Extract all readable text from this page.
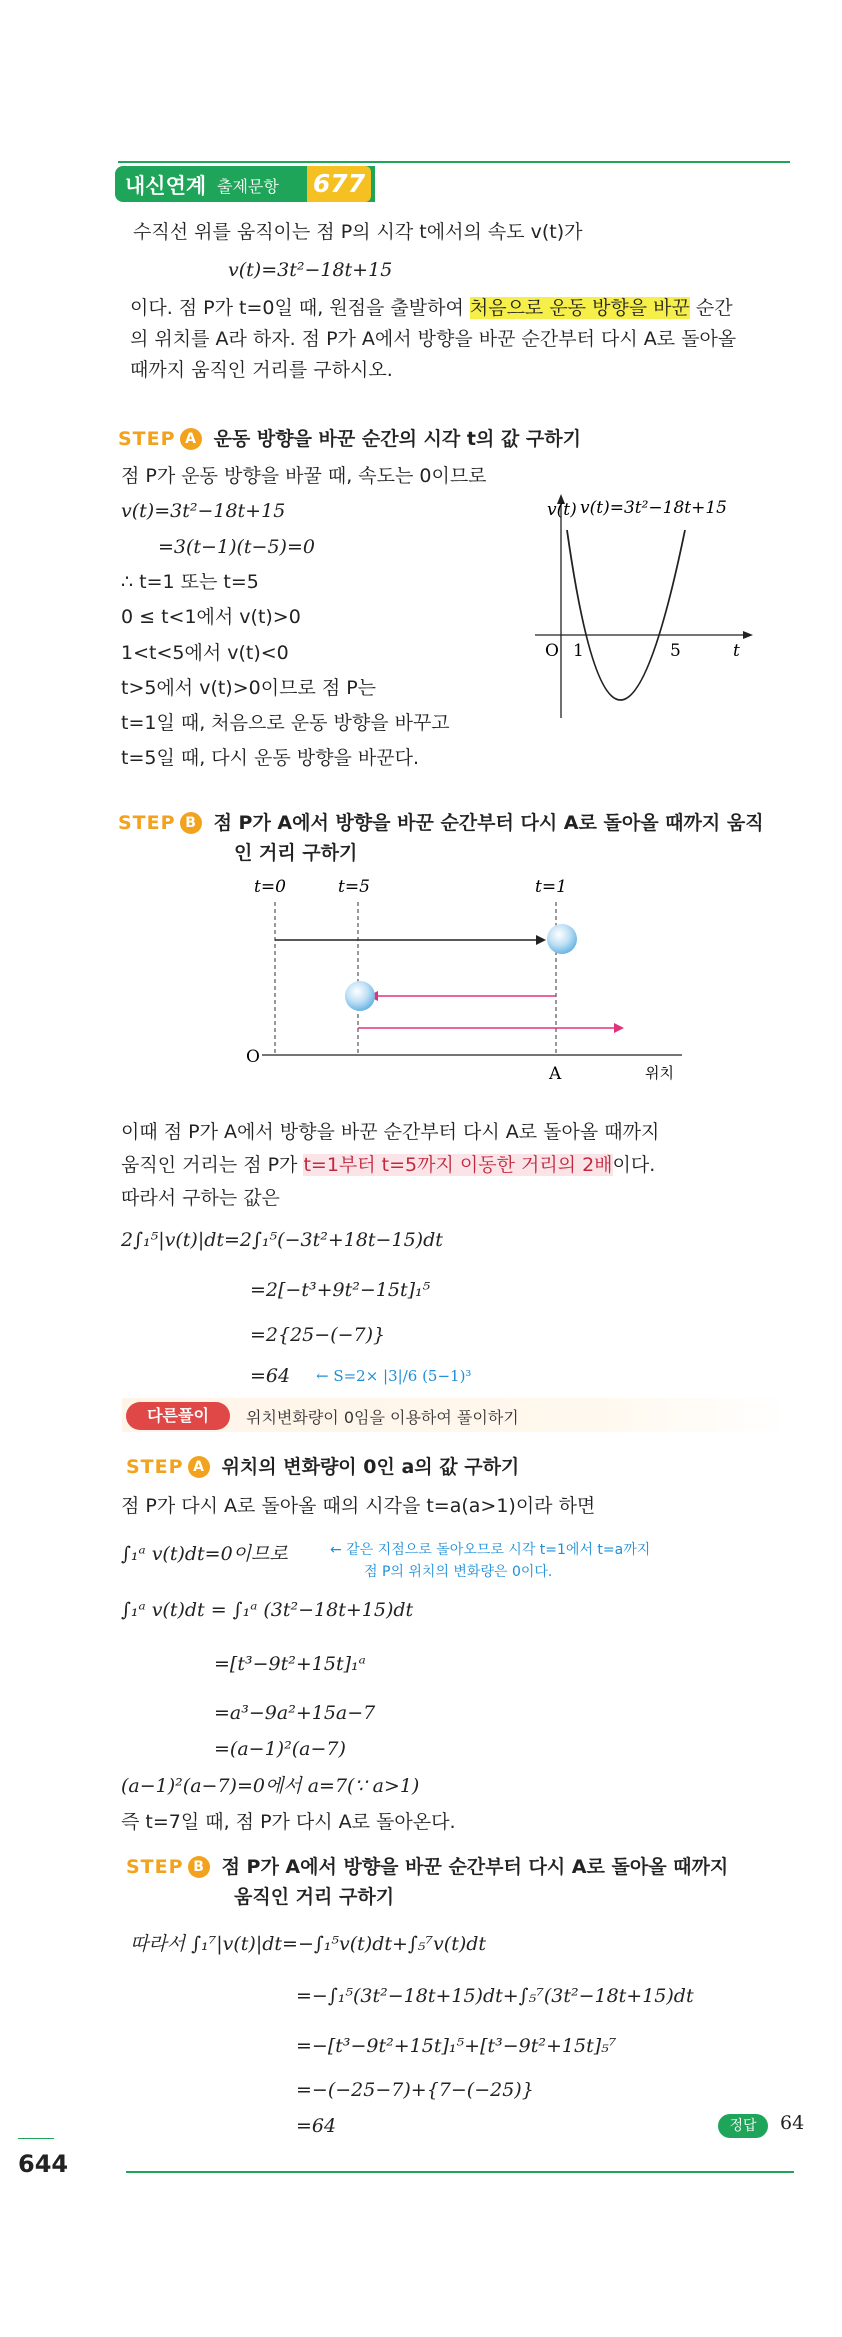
내신연계 출제문항 677
수직선 위를 움직이는 점 P의 시각 t에서의 속도 v(t)가
v(t)=3t²−18t+15
이다. 점 P가 t=0일 때, 원점을 출발하여 처음으로 운동 방향을 바꾼 순간
의 위치를 A라 하자. 점 P가 A에서 방향을 바꾼 순간부터 다시 A로 돌아올
때까지 움직인 거리를 구하시오.
STEP A 운동 방향을 바꾼 순간의 시각 t의 값 구하기
점 P가 운동 방향을 바꿀 때, 속도는 0이므로
v(t)=3t²−18t+15
=3(t−1)(t−5)=0
∴ t=1 또는 t=5
0 ≤ t<1에서 v(t)>0
1<t<5에서 v(t)<0
t>5에서 v(t)>0이므로 점 P는
t=1일 때, 처음으로 운동 방향을 바꾸고
t=5일 때, 다시 운동 방향을 바꾼다.
v(t) v(t)=3t²−18t+15
O 1	5	t
STEP B 점 P가 A에서 방향을 바꾼 순간부터 다시 A로 돌아올 때까지 움직
인 거리 구하기
t=0	t=5	t=1
O
A	위치
이때 점 P가 A에서 방향을 바꾼 순간부터 다시 A로 돌아올 때까지
움직인 거리는 점 P가 t=1부터 t=5까지 이동한 거리의 2배이다.
따라서 구하는 값은
2∫₁⁵|v(t)|dt=2∫₁⁵(−3t²+18t−15)dt
=2[−t³+9t²−15t]₁⁵
=2{25−(−7)}
=64 ← S=2× |3|/6 (5−1)³
다른풀이	위치변화량이 0임을 이용하여 풀이하기
STEP A 위치의 변화량이 0인 a의 값 구하기
점 P가 다시 A로 돌아올 때의 시각을 t=a(a>1)이라 하면
∫₁ᵃ v(t)dt=0이므로	← 같은 지점으로 돌아오므로 시각 t=1에서 t=a까지
점 P의 위치의 변화량은 0이다.
∫₁ᵃ v(t)dt = ∫₁ᵃ (3t²−18t+15)dt
=[t³−9t²+15t]₁ᵃ
=a³−9a²+15a−7
=(a−1)²(a−7)
(a−1)²(a−7)=0에서 a=7(∵ a>1)
즉 t=7일 때, 점 P가 다시 A로 돌아온다.
STEP B 점 P가 A에서 방향을 바꾼 순간부터 다시 A로 돌아올 때까지
움직인 거리 구하기
따라서 ∫₁⁷|v(t)|dt=−∫₁⁵v(t)dt+∫₅⁷v(t)dt
=−∫₁⁵(3t²−18t+15)dt+∫₅⁷(3t²−18t+15)dt
=−[t³−9t²+15t]₁⁵+[t³−9t²+15t]₅⁷
=−(−25−7)+{7−(−25)}
=64	정답	64
644
